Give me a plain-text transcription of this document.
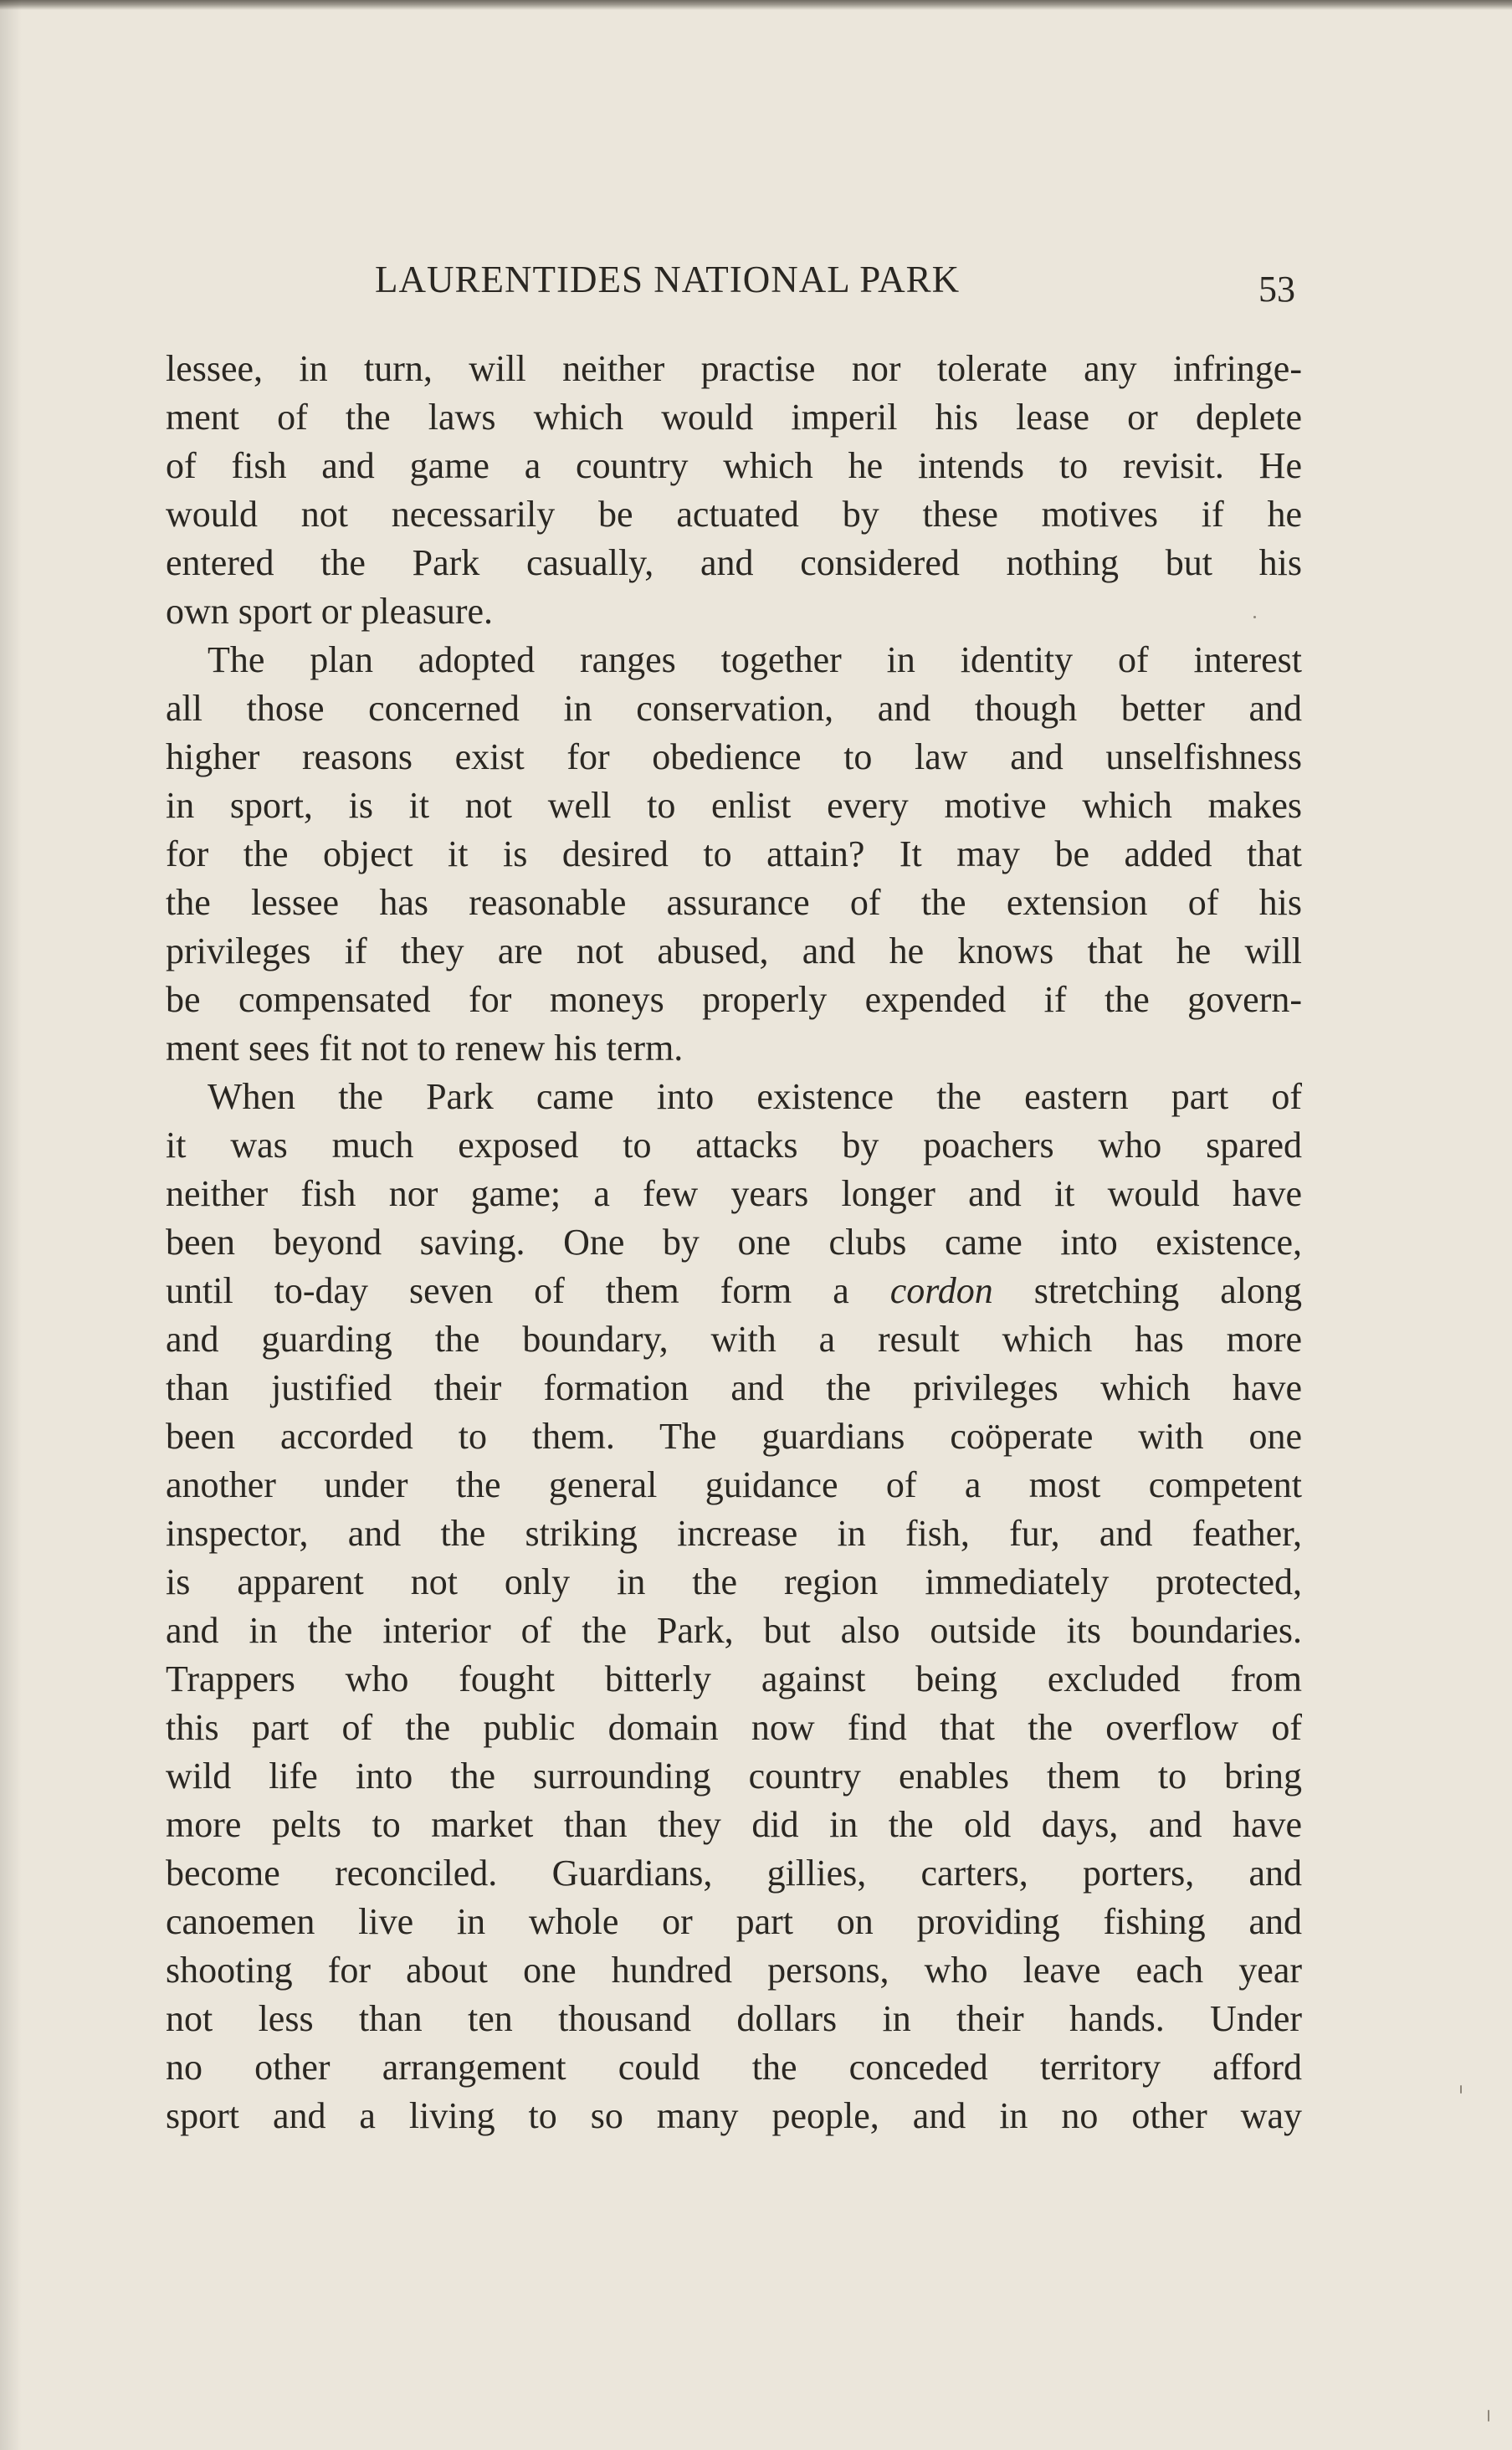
LAURENTIDES NATIONAL PARK	53
lessee, in turn, will neither practise nor tolerate any infringe-
ment of the laws which would imperil his lease or deplete
of fish and game a country which he intends to revisit. He
would not necessarily be actuated by these motives if he
entered the Park casually, and considered nothing but his
own sport or pleasure.
The plan adopted ranges together in identity of interest
all those concerned in conservation, and though better and
higher reasons exist for obedience to law and unselfishness
in sport, is it not well to enlist every motive which makes
for the object it is desired to attain? It may be added that
the lessee has reasonable assurance of the extension of his
privileges if they are not abused, and he knows that he will
be compensated for moneys properly expended if the govern-
ment sees fit not to renew his term.
When the Park came into existence the eastern part of
it was much exposed to attacks by poachers who spared
neither fish nor game; a few years longer and it would have
been beyond saving. One by one clubs came into existence,
until to-day seven of them form a cordon stretching along
and guarding the boundary, with a result which has more
than justified their formation and the privileges which have
been accorded to them. The guardians coöperate with one
another under the general guidance of a most competent
inspector, and the striking increase in fish, fur, and feather,
is apparent not only in the region immediately protected,
and in the interior of the Park, but also outside its boundaries.
Trappers who fought bitterly against being excluded from
this part of the public domain now find that the overflow of
wild life into the surrounding country enables them to bring
more pelts to market than they did in the old days, and have
become reconciled. Guardians, gillies, carters, porters, and
canoemen live in whole or part on providing fishing and
shooting for about one hundred persons, who leave each year
not less than ten thousand dollars in their hands. Under
no other arrangement could the conceded territory afford
sport and a living to so many people, and in no other way
